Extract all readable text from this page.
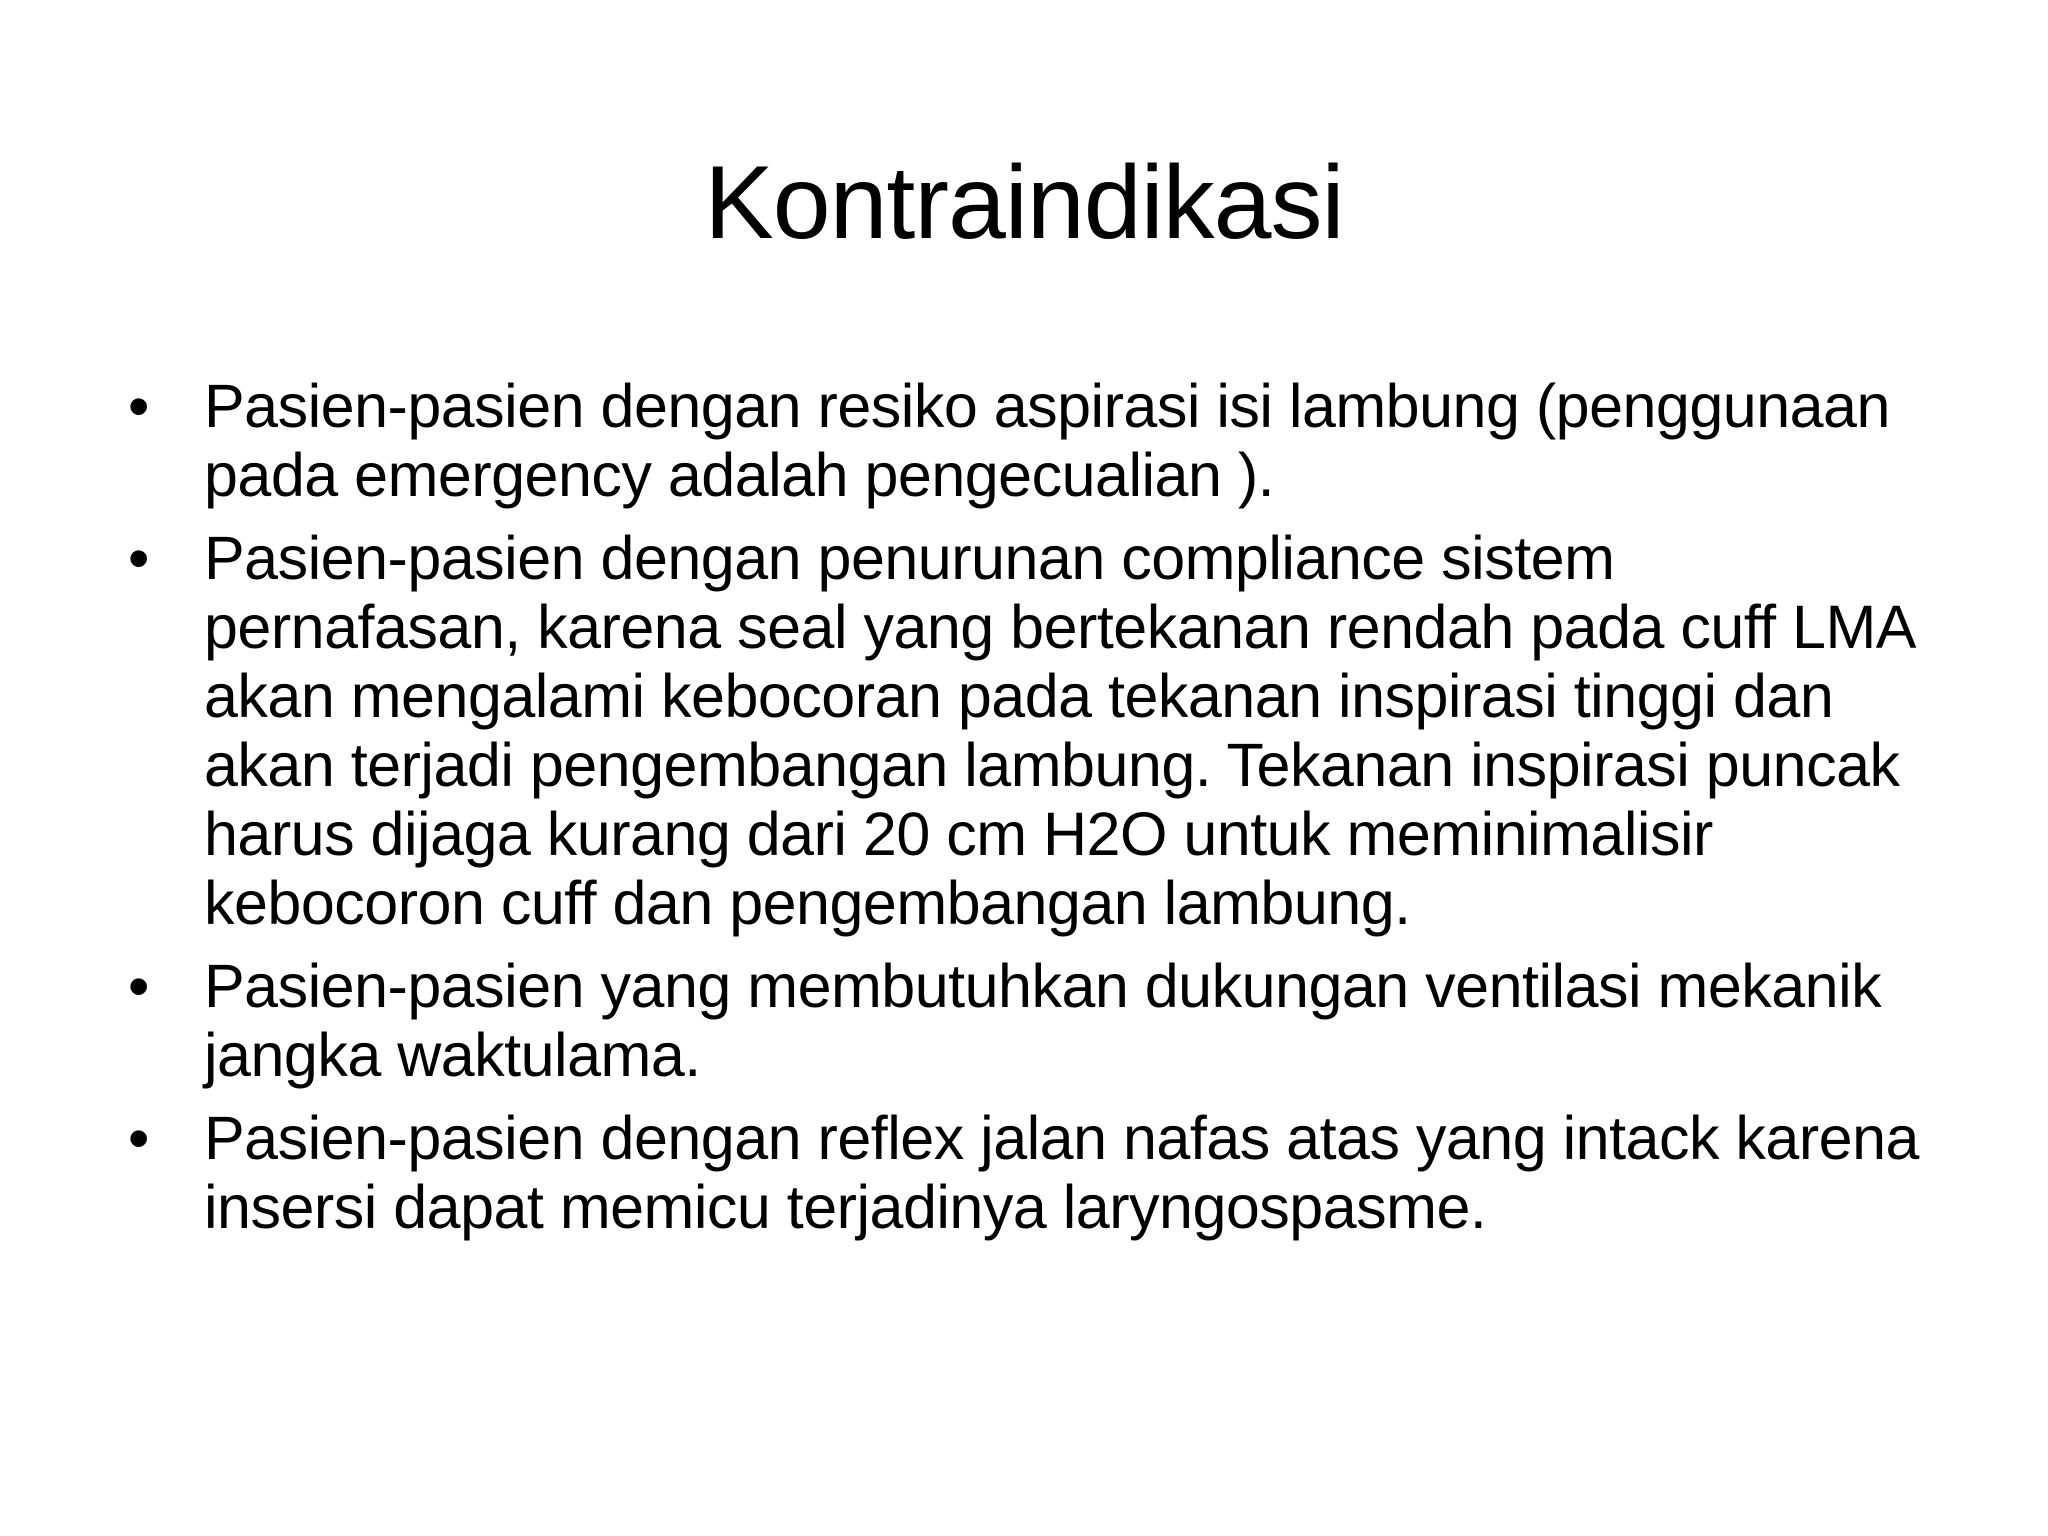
Kontraindikasi
• Pasien-pasien dengan resiko aspirasi isi lambung (penggunaan pada emergency adalah pengecualian ).
• Pasien-pasien dengan penurunan compliance sistem pernafasan, karena seal yang bertekanan rendah pada cuff LMA akan mengalami kebocoran pada tekanan inspirasi tinggi dan akan terjadi pengembangan lambung. Tekanan inspirasi puncak harus dijaga kurang dari 20 cm H2O untuk meminimalisir kebocoron cuff dan pengembangan lambung.
• Pasien-pasien yang membutuhkan dukungan ventilasi mekanik jangka waktulama.
• Pasien-pasien dengan reflex jalan nafas atas yang intack karena insersi dapat memicu terjadinya laryngospasme.
